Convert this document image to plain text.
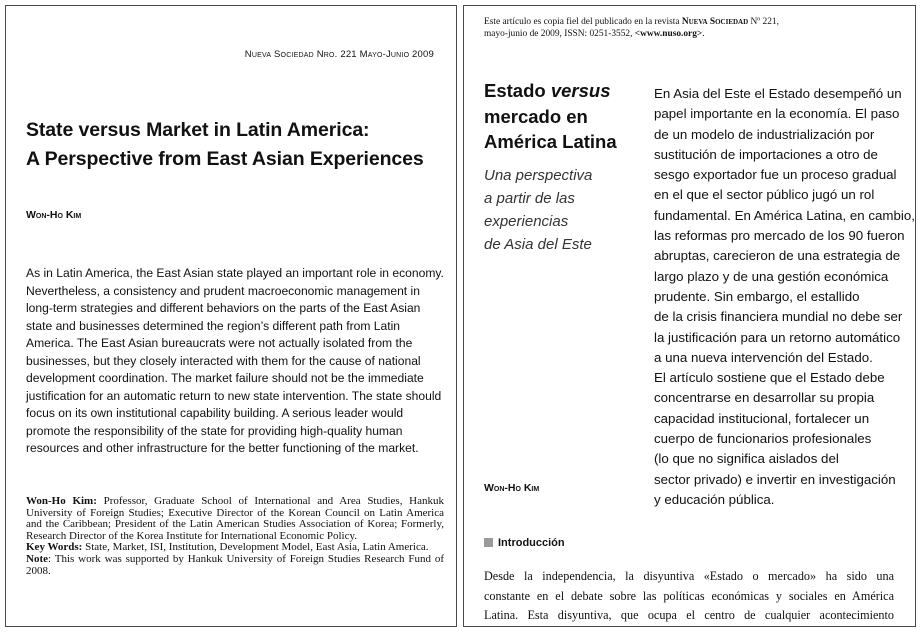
Nueva Sociedad Nro. 221 Mayo-Junio 2009
State versus Market in Latin America:
A Perspective from East Asian Experiences
Won-Ho Kim
As in Latin America, the East Asian state played an important role in economy. Nevertheless, a consistency and prudent macroeconomic management in long-term strategies and different behaviors on the parts of the East Asian state and businesses determined the region’s different path from Latin America. The East Asian bureaucrats were not actually isolated from the businesses, but they closely interacted with them for the cause of national development coordination. The market failure should not be the immediate justification for an automatic return to new state intervention. The state should focus on its own institutional capability building. A serious leader would promote the responsibility of the state for providing high-quality human resources and other infrastructure for the better functioning of the market.

Won-Ho Kim: Professor, Graduate School of International and Area Studies, Hankuk University of Foreign Studies; Executive Director of the Korean Council on Latin America and the Caribbean; President of the Latin American Studies Association of Korea; Formerly, Research Director of the Korea Institute for International Economic Policy.

Key Words: State, Market, ISI, Institution, Development Model, East Asia, Latin America.

Note: This work was supported by Hankuk University of Foreign Studies Research Fund of 2008.

Este artículo es copia fiel del publicado en la revista Nueva Sociedad Nº 221,
mayo-junio de 2009, ISSN: 0251-3552, <www.nuso.org>.
Estado versus
mercado en
América Latina
Una perspectiva
a partir de las
experiencias
de Asia del Este
En Asia del Este el Estado desempeñó un
papel importante en la economía. El paso
de un modelo de industrialización por
sustitución de importaciones a otro de
sesgo exportador fue un proceso gradual
en el que el sector público jugó un rol
fundamental. En América Latina, en cambio,
las reformas pro mercado de los 90 fueron
abruptas, carecieron de una estrategia de
largo plazo y de una gestión económica
prudente. Sin embargo, el estallido
de la crisis financiera mundial no debe ser
la justificación para un retorno automático
a una nueva intervención del Estado.
El artículo sostiene que el Estado debe
concentrarse en desarrollar su propia
capacidad institucional, fortalecer un
cuerpo de funcionarios profesionales
(lo que no significa aislados del
sector privado) e invertir en investigación
y educación pública.
Won-Ho Kim
Introducción
Desde la independencia, la disyuntiva «Estado o mercado» ha sido una
constante en el debate sobre las políticas económicas y sociales en América
Latina. Esta disyuntiva, que ocupa el centro de cualquier acontecimiento
